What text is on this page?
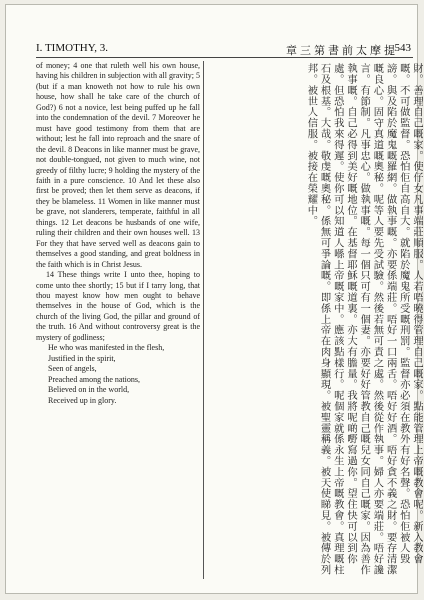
I. TIMOTHY, 3.	章三第書前太摩提
543

of money; 4 one that ruleth well his own house, having his children in subjection with all gravity; 5 (but if a man knoweth not how to rule his own house, how shall he take care of the church of God?) 6 not a novice, lest being puffed up he fall into the condemnation of the devil. 7 Moreover he must have good testimony from them that are without; lest he fall into reproach and the snare of the devil. 8 Deacons in like manner must be grave, not double-tongued, not given to much wine, not greedy of filthy lucre; 9 holding the mystery of the faith in a pure conscience. 10 And let these also first be proved; then let them serve as deacons, if they be blameless. 11 Women in like manner must be grave, not slanderers, temperate, faithful in all things. 12 Let deacons be husbands of one wife, ruling their children and their own houses well. 13 For they that have served well as deacons gain to themselves a good standing, and great boldness in the faith which is in Christ Jesus.

14 These things write I unto thee, hoping to come unto thee shortly; 15 but if I tarry long, that thou mayest know how men ought to behave themselves in the house of God, which is the church of the living God, the pillar and ground of the truth. 16 And without controversy great is the mystery of godliness;

He who was manifested in the flesh,
Justified in the spirit,
Seen of angels,
Preached among the nations,
Believed on in the world,
Received up in glory.	財。善理自己嘅家。使仔女凡事端莊順服。人若唔曉得管理自己嘅家。點能管理上帝嘅教會呢。新入教會嘅。不可做監督。恐怕佢自高自大。就陷於魔鬼所受嘅刑罰。監督亦必須在教外有好名聲。恐怕佢被人毀謗。與及陷於魔鬼嘅羅網。做執事嘅。亦要係端莊。唔好一口兩舌。唔好好酒。唔好貪不義之財。要存清潔嘅良心。固守真道嘅奧秘。呢等人要先受試驗。然後若無可責之處。然後從作執事。婦人亦要端莊。唔好讒言。有節制。凡事忠心。做執事嘅。每一個只可有一個妻。亦要好好管教自己嘅兒女同自己嘅家。因為善作執事嘅。自己必得到美好嘅地位。在基督耶穌嘅道裏。亦大有膽量。我將呢啲嘢寫過你。望住快可以到你處。但恐怕我來得遲。使你可以知道人喺上帝嘅家中。應該點樣行。呢個家就係永生上帝嘅教會。真理嘅柱石及根基。大哉。敬虔嘅奧秘。係無可爭論嘅。即係上帝在肉身顯現。被聖靈稱義。被天使睇見。被傳於列邦。被世人信服。被接在榮耀中。
